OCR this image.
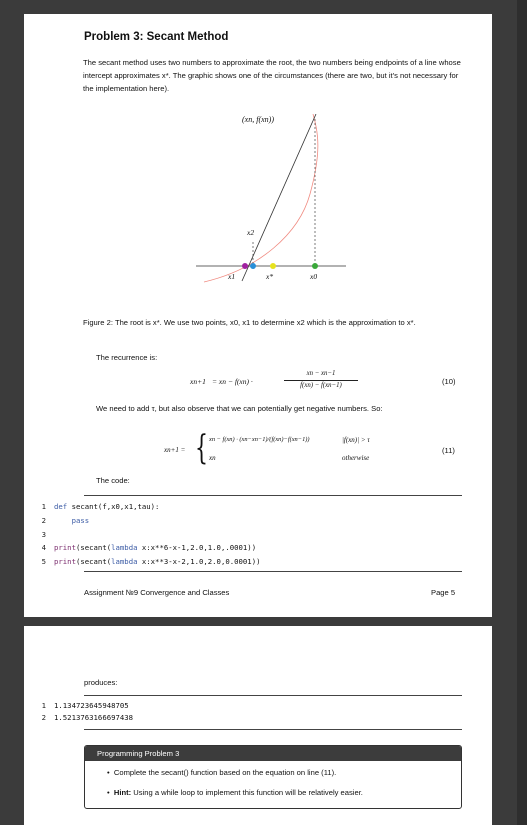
Problem 3: Secant Method
The secant method uses two numbers to approximate the root, the two numbers being endpoints of a line whose intercept approximates x*. The graphic shows one of the circumstances (there are two, but it's not necessary for the implementation here).
(xn, f(xn))
x2
x1	x*	x0
Figure 2: The root is x*. We use two points, x0, x1 to determine x2 which is the approximation to x*.
The recurrence is:
xn+1 = xn − f(xn) ·
xn − xn−1
f(xn) − f(xn−1)	(10)
We need to add τ, but also observe that we can potentially get negative numbers. So:
xn+1 = { xn − f(xn) · (xn−xn−1)/(f(xn)−f(xn−1))	|f(xn)| > τ
xn	otherwise
(11)
The code:
1 def secant(f,x0,x1,tau):
2	pass
3
4 print(secant(lambda x:x**6-x-1,2.0,1.0,.0001))
5 print(secant(lambda x:x**3-x-2,1.0,2.0,0.0001))
Assignment №9 Convergence and Classes	Page 5
produces:
1 1.134723645948705
2 1.5213763166697438
Programming Problem 3
•  Complete the secant() function based on the equation on line (11).
•  Hint: Using a while loop to implement this function will be relatively easier.
